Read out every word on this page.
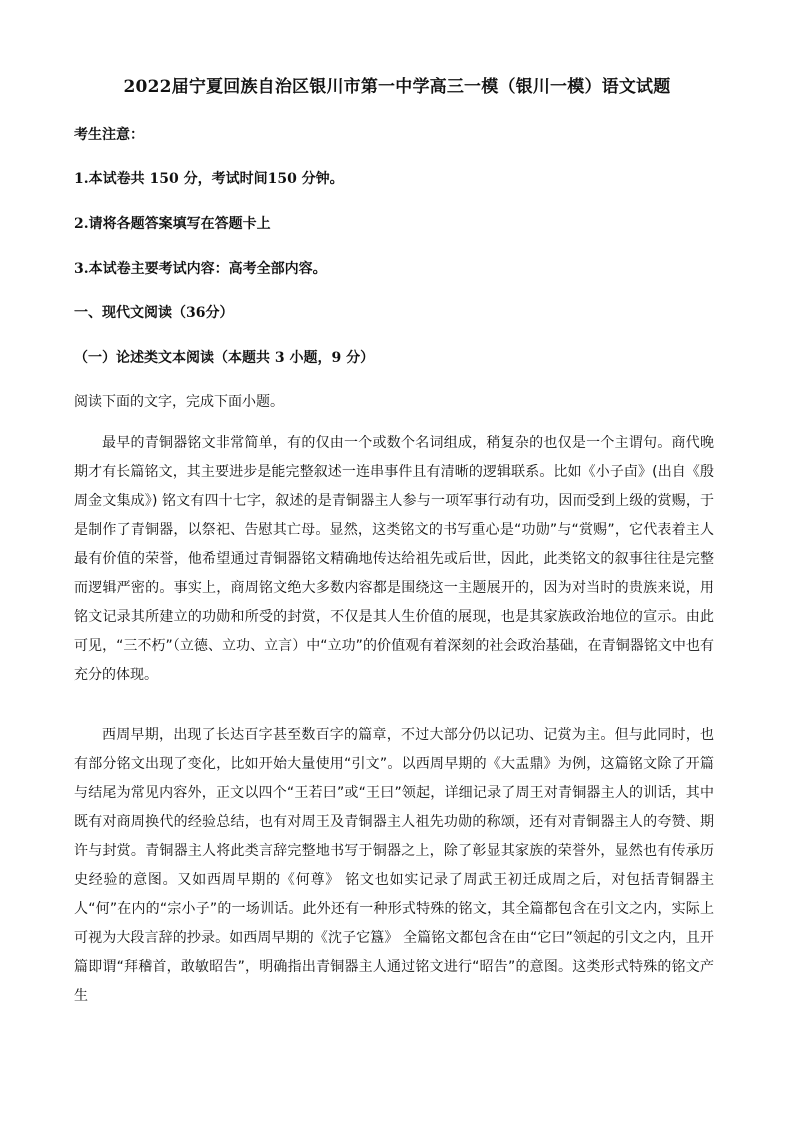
2022届宁夏回族自治区银川市第一中学高三一模（银川一模）语文试题
考生注意：
1.本试卷共 150 分，考试时间150 分钟。
2.请将各题答案填写在答题卡上
3.本试卷主要考试内容：高考全部内容。
一、现代文阅读（36分）
（一）论述类文本阅读（本题共 3 小题，9 分）
阅读下面的文字，完成下面小题。
最早的青铜器铭文非常简单，有的仅由一个或数个名词组成，稍复杂的也仅是一个主谓句。商代晚期才有长篇铭文，其主要进步是能完整叙述一连串事件且有清晰的逻辑联系。比如《小子卣》(出自《殷周金文集成》) 铭文有四十七字，叙述的是青铜器主人参与一项军事行动有功，因而受到上级的赏赐，于是制作了青铜器，以祭祀、告慰其亡母。显然，这类铭文的书写重心是“功勋”与“赏赐”，它代表着主人最有价值的荣誉，他希望通过青铜器铭文精确地传达给祖先或后世，因此，此类铭文的叙事往往是完整而逻辑严密的。事实上，商周铭文绝大多数内容都是围绕这一主题展开的，因为对当时的贵族来说，用铭文记录其所建立的功勋和所受的封赏，不仅是其人生价值的展现，也是其家族政治地位的宣示。由此可见，“三不朽”（立德、立功、立言）中“立功”的价值观有着深刻的社会政治基础，在青铜器铭文中也有充分的体现。
西周早期，出现了长达百字甚至数百字的篇章，不过大部分仍以记功、记赏为主。但与此同时，也有部分铭文出现了变化，比如开始大量使用“引文”。以西周早期的《大盂鼎》为例，这篇铭文除了开篇与结尾为常见内容外，正文以四个“王若曰”或“王曰”领起，详细记录了周王对青铜器主人的训话，其中既有对商周换代的经验总结，也有对周王及青铜器主人祖先功勋的称颂，还有对青铜器主人的夸赞、期许与封赏。青铜器主人将此类言辞完整地书写于铜器之上，除了彰显其家族的荣誉外，显然也有传承历史经验的意图。又如西周早期的《何尊》 铭文也如实记录了周武王初迁成周之后，对包括青铜器主人“何”在内的“宗小子”的一场训话。此外还有一种形式特殊的铭文，其全篇都包含在引文之内，实际上可视为大段言辞的抄录。如西周早期的《沈子它簋》 全篇铭文都包含在由“它曰”领起的引文之内，且开篇即谓“拜稽首，敢敏昭告”，明确指出青铜器主人通过铭文进行“昭告”的意图。这类形式特殊的铭文产生
